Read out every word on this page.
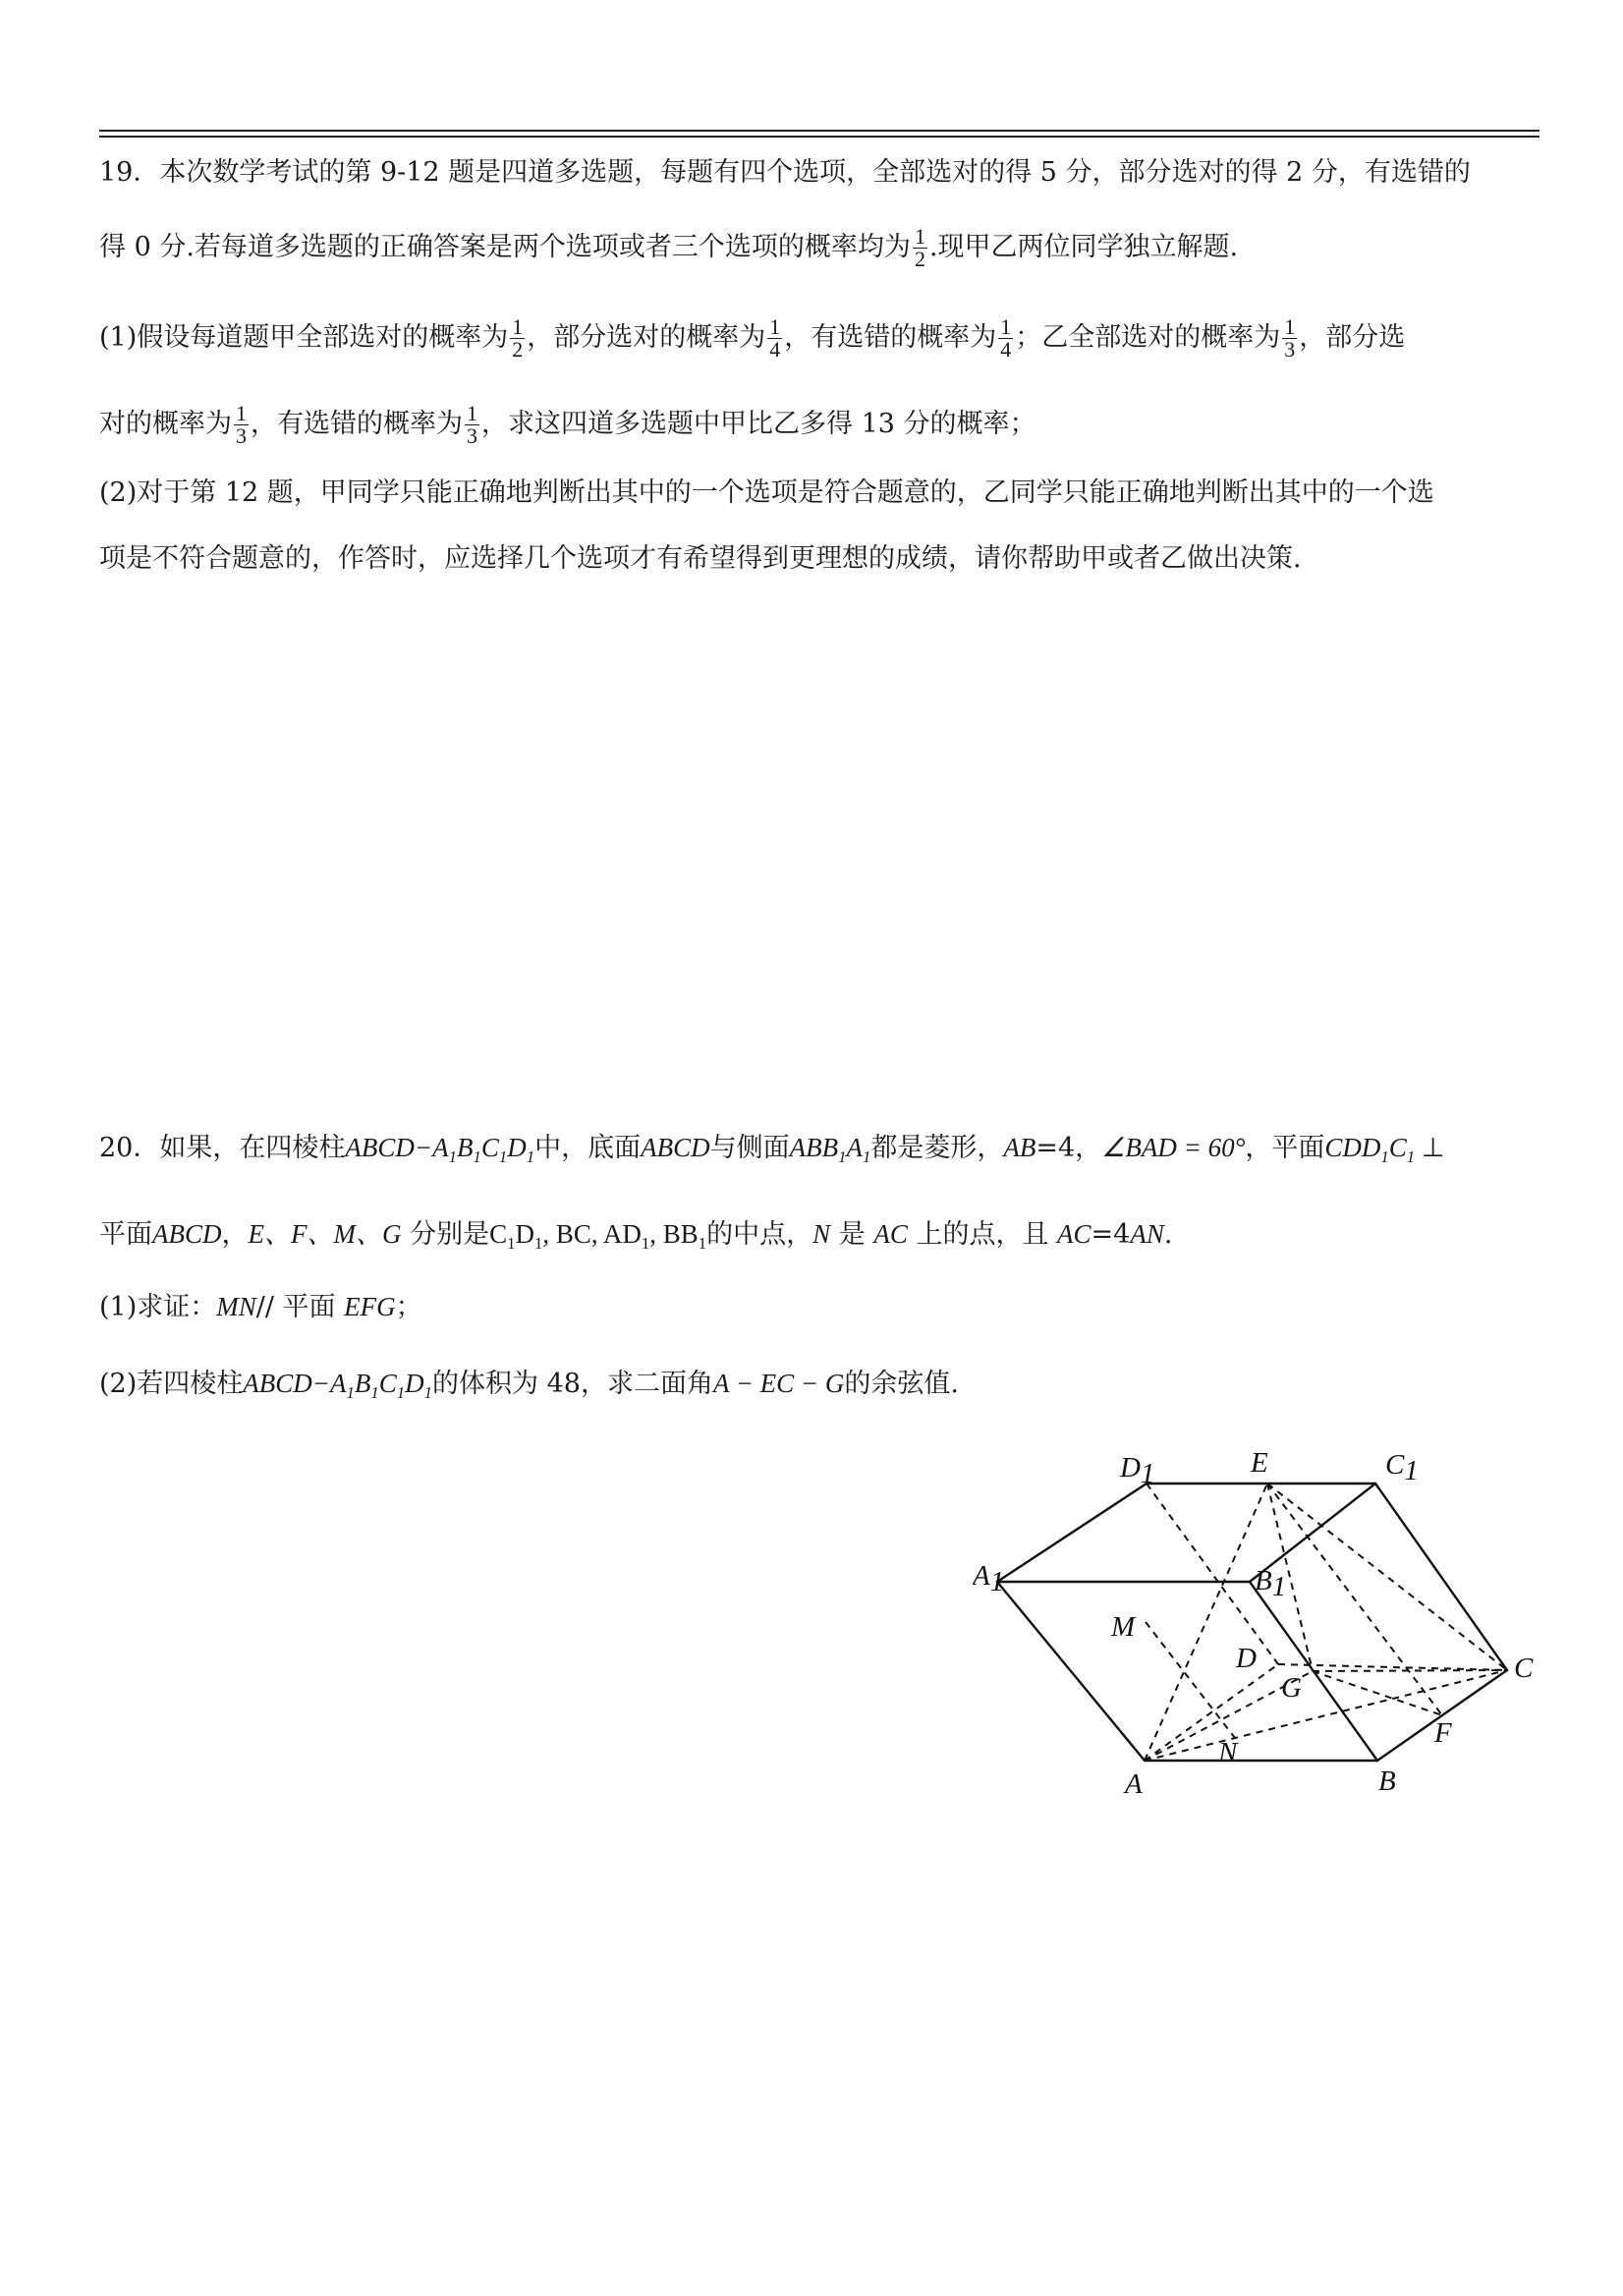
19．本次数学考试的第 9-12 题是四道多选题，每题有四个选项，全部选对的得 5 分，部分选对的得 2 分，有选错的
得 0 分.若每道多选题的正确答案是两个选项或者三个选项的概率均为 $\frac{1}{2}$ .现甲乙两位同学独立解题.
(1)假设每道题甲全部选对的概率为 $\frac{1}{2}$ ，部分选对的概率为 $\frac{1}{4}$ ，有选错的概率为 $\frac{1}{4}$ ；乙全部选对的概率为 $\frac{1}{3}$ ，部分选
对的概率为 $\frac{1}{3}$ ，有选错的概率为 $\frac{1}{3}$ ，求这四道多选题中甲比乙多得 13 分的概率；
(2)对于第 12 题，甲同学只能正确地判断出其中的一个选项是符合题意的，乙同学只能正确地判断出其中的一个选
项是不符合题意的，作答时，应选择几个选项才有希望得到更理想的成绩，请你帮助甲或者乙做出决策.
20．如果，在四棱柱$ABCD-A_1B_1C_1D_1$中，底面ABCD与侧面$ABB_1A_1$都是菱形，AB=4，∠BAD = 60°，平面$CDD_1C_1$ ⊥
平面ABCD，E、F、M、G 分别是$C_1D_1$, BC, $AD_1$, $BB_1$的中点，N 是 AC 上的点，且 AC=4AN.
(1)求证：MN// 平面 EFG；
(2)若四棱柱$ABCD-A_1B_1C_1D_1$的体积为 48，求二面角A − EC − G的余弦值.
D1	E	C1
A1	B1
M
D
G
C
F
N
A	B
